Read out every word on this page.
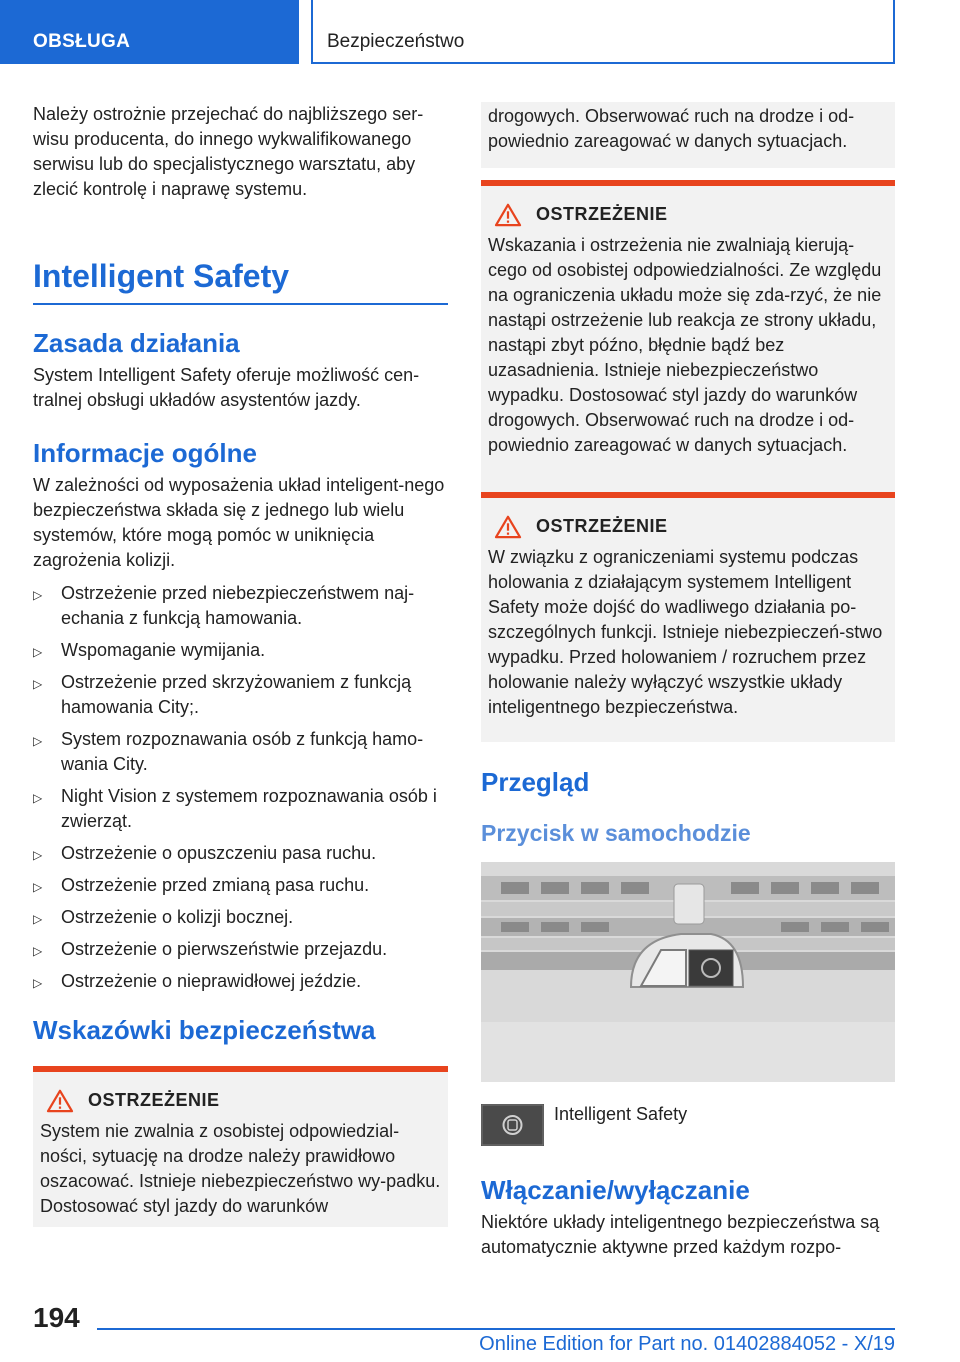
OBSŁUGA	Bezpieczeństwo

Należy ostrożnie przejechać do najbliższego ser‐wisu producenta, do innego wykwalifikowanego serwisu lub do specjalistycznego warsztatu, aby zlecić kontrolę i naprawę systemu.

Intelligent Safety
Zasada działania

System Intelligent Safety oferuje możliwość cen‐tralnej obsługi układów asystentów jazdy.

Informacje ogólne

W zależności od wyposażenia układ inteligent‐nego bezpieczeństwa składa się z jednego lub wielu systemów, które mogą pomóc w uniknięcia zagrożenia kolizji.

▷ Ostrzeżenie przed niebezpieczeństwem naj‐echania z funkcją hamowania.
▷ Wspomaganie wymijania.
▷ Ostrzeżenie przed skrzyżowaniem z funkcją hamowania City;.
▷ System rozpoznawania osób z funkcją hamo‐wania City.
▷ Night Vision z systemem rozpoznawania osób i zwierząt.
▷ Ostrzeżenie o opuszczeniu pasa ruchu.
▷ Ostrzeżenie przed zmianą pasa ruchu.
▷ Ostrzeżenie o kolizji bocznej.
▷ Ostrzeżenie o pierwszeństwie przejazdu.
▷ Ostrzeżenie o nieprawidłowej jeździe.
Wskazówki bezpieczeństwa
OSTRZEŻENIE

System nie zwalnia z osobistej odpowiedzial‐ności, sytuację na drodze należy prawidłowo oszacować. Istnieje niebezpieczeństwo wy‐padku. Dostosować styl jazdy do warunków

drogowych. Obserwować ruch na drodze i od‐powiednio zareagować w danych sytuacjach.

OSTRZEŻENIE

Wskazania i ostrzeżenia nie zwalniają kierują‐cego od osobistej odpowiedzialności. Ze względu na ograniczenia układu może się zda‐rzyć, że nie nastąpi ostrzeżenie lub reakcja ze strony układu, nastąpi zbyt późno, błędnie bądź bez uzasadnienia. Istnieje niebezpieczeństwo wypadku. Dostosować styl jazdy do warunków drogowych. Obserwować ruch na drodze i od‐powiednio zareagować w danych sytuacjach.

OSTRZEŻENIE

W związku z ograniczeniami systemu podczas holowania z działającym systemem Intelligent Safety może dojść do wadliwego działania po‐szczególnych funkcji. Istnieje niebezpieczeń‐stwo wypadku. Przed holowaniem / rozruchem przez holowanie należy wyłączyć wszystkie układy inteligentnego bezpieczeństwa.

Przegląd
Przycisk w samochodzie
Intelligent Safety
Włączanie/wyłączanie

Niektóre układy inteligentnego bezpieczeństwa są automatycznie aktywne przed każdym rozpo‐

194
Online Edition for Part no. 01402884052 - X/19
